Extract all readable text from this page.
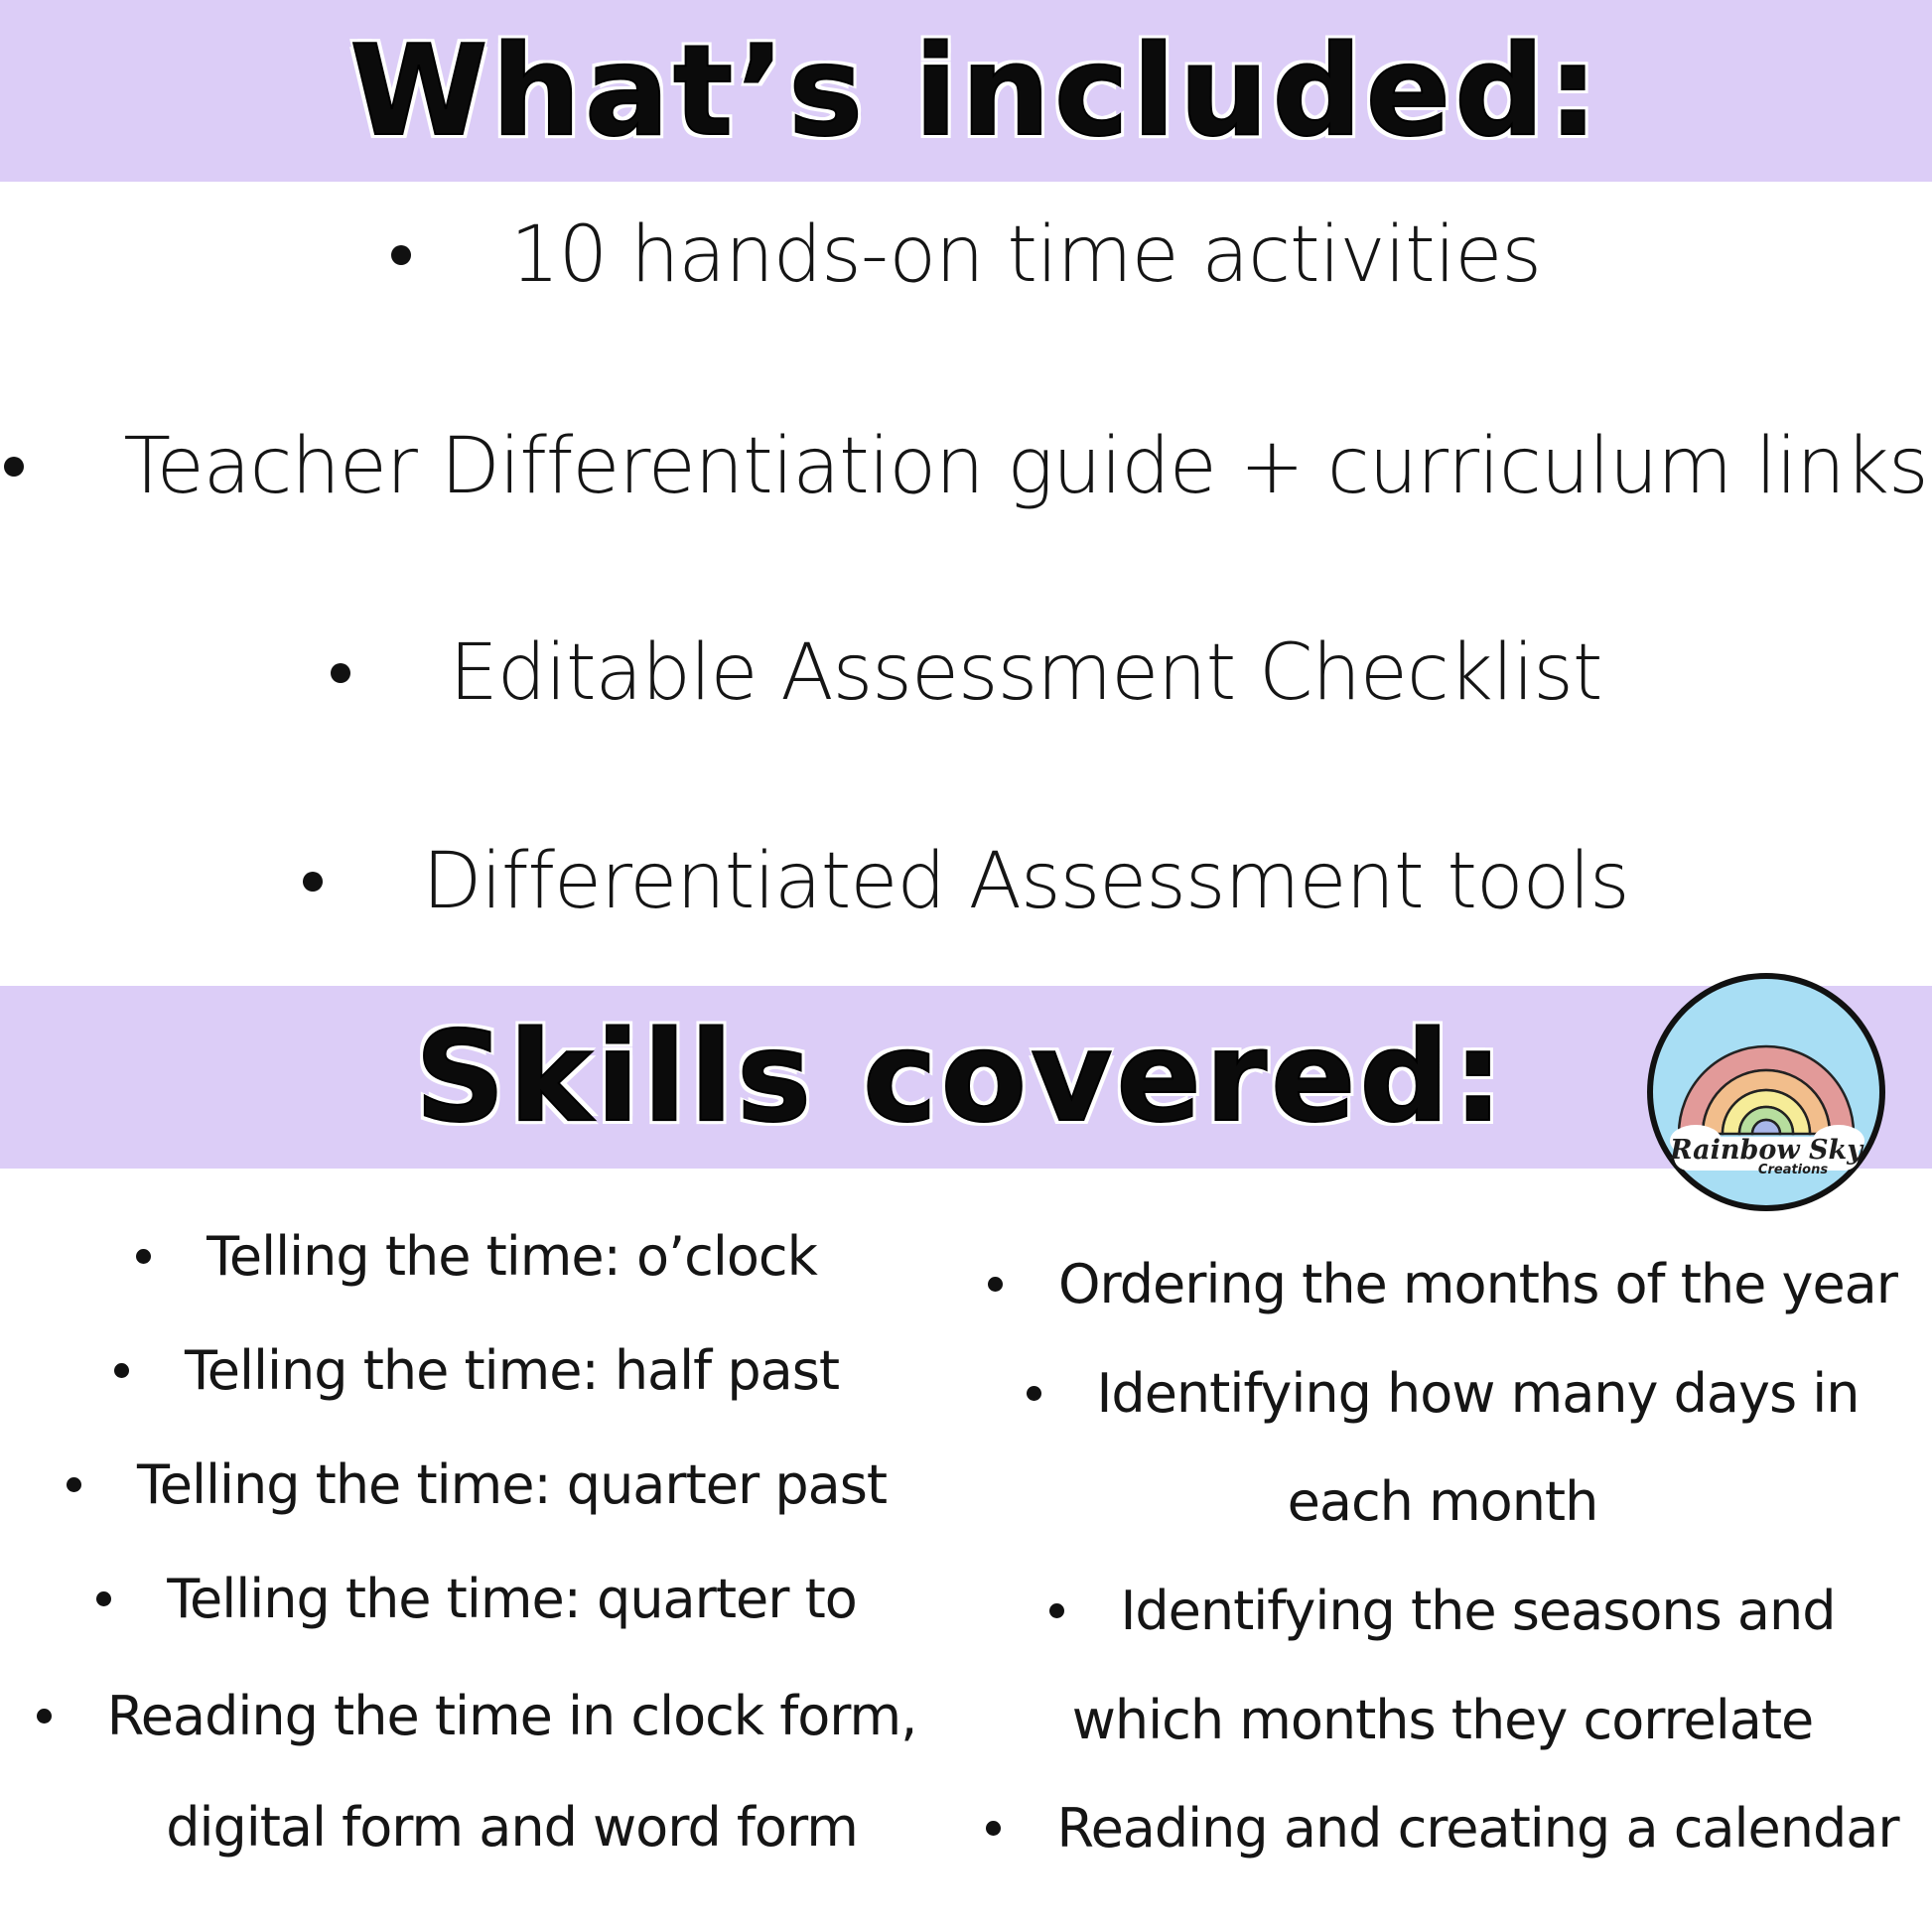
What’s included:
10 hands-on time activities
Teacher Differentiation guide + curriculum links
Editable Assessment Checklist
Differentiated Assessment tools
Skills covered:
Rainbow Sky
Creations
Telling the time: o’clock
Telling the time: half past
Telling the time: quarter past
Telling the time: quarter to
Reading the time in clock form,
digital form and word form
Ordering the months of the year
Identifying how many days in
each month
Identifying the seasons and
which months they correlate
Reading and creating a calendar
